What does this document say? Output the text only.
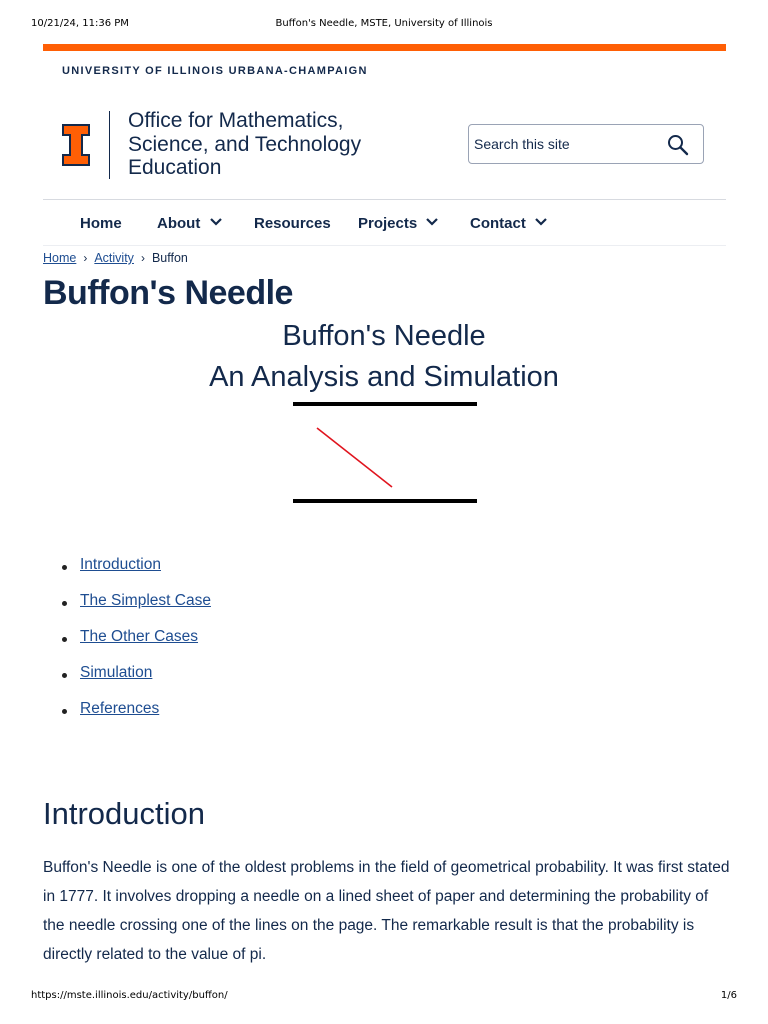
10/21/24, 11:36 PM	Buffon's Needle, MSTE, University of Illinois
UNIVERSITY OF ILLINOIS URBANA-CHAMPAIGN
Office for Mathematics,
Science, and Technology
Education
Search this site
Home About	Resources Projects	Contact
Home › Activity › Buffon
Buffon's Needle
Buffon's Needle
An Analysis and Simulation
Introduction
The Simplest Case
The Other Cases
Simulation
References
Introduction

Buffon's Needle is one of the oldest problems in the field of geometrical probability. It was first stated in 1777. It involves dropping a needle on a lined sheet of paper and determining the probability of the needle crossing one of the lines on the page. The remarkable result is that the probability is directly related to the value of pi.

https://mste.illinois.edu/activity/buffon/	1/6
